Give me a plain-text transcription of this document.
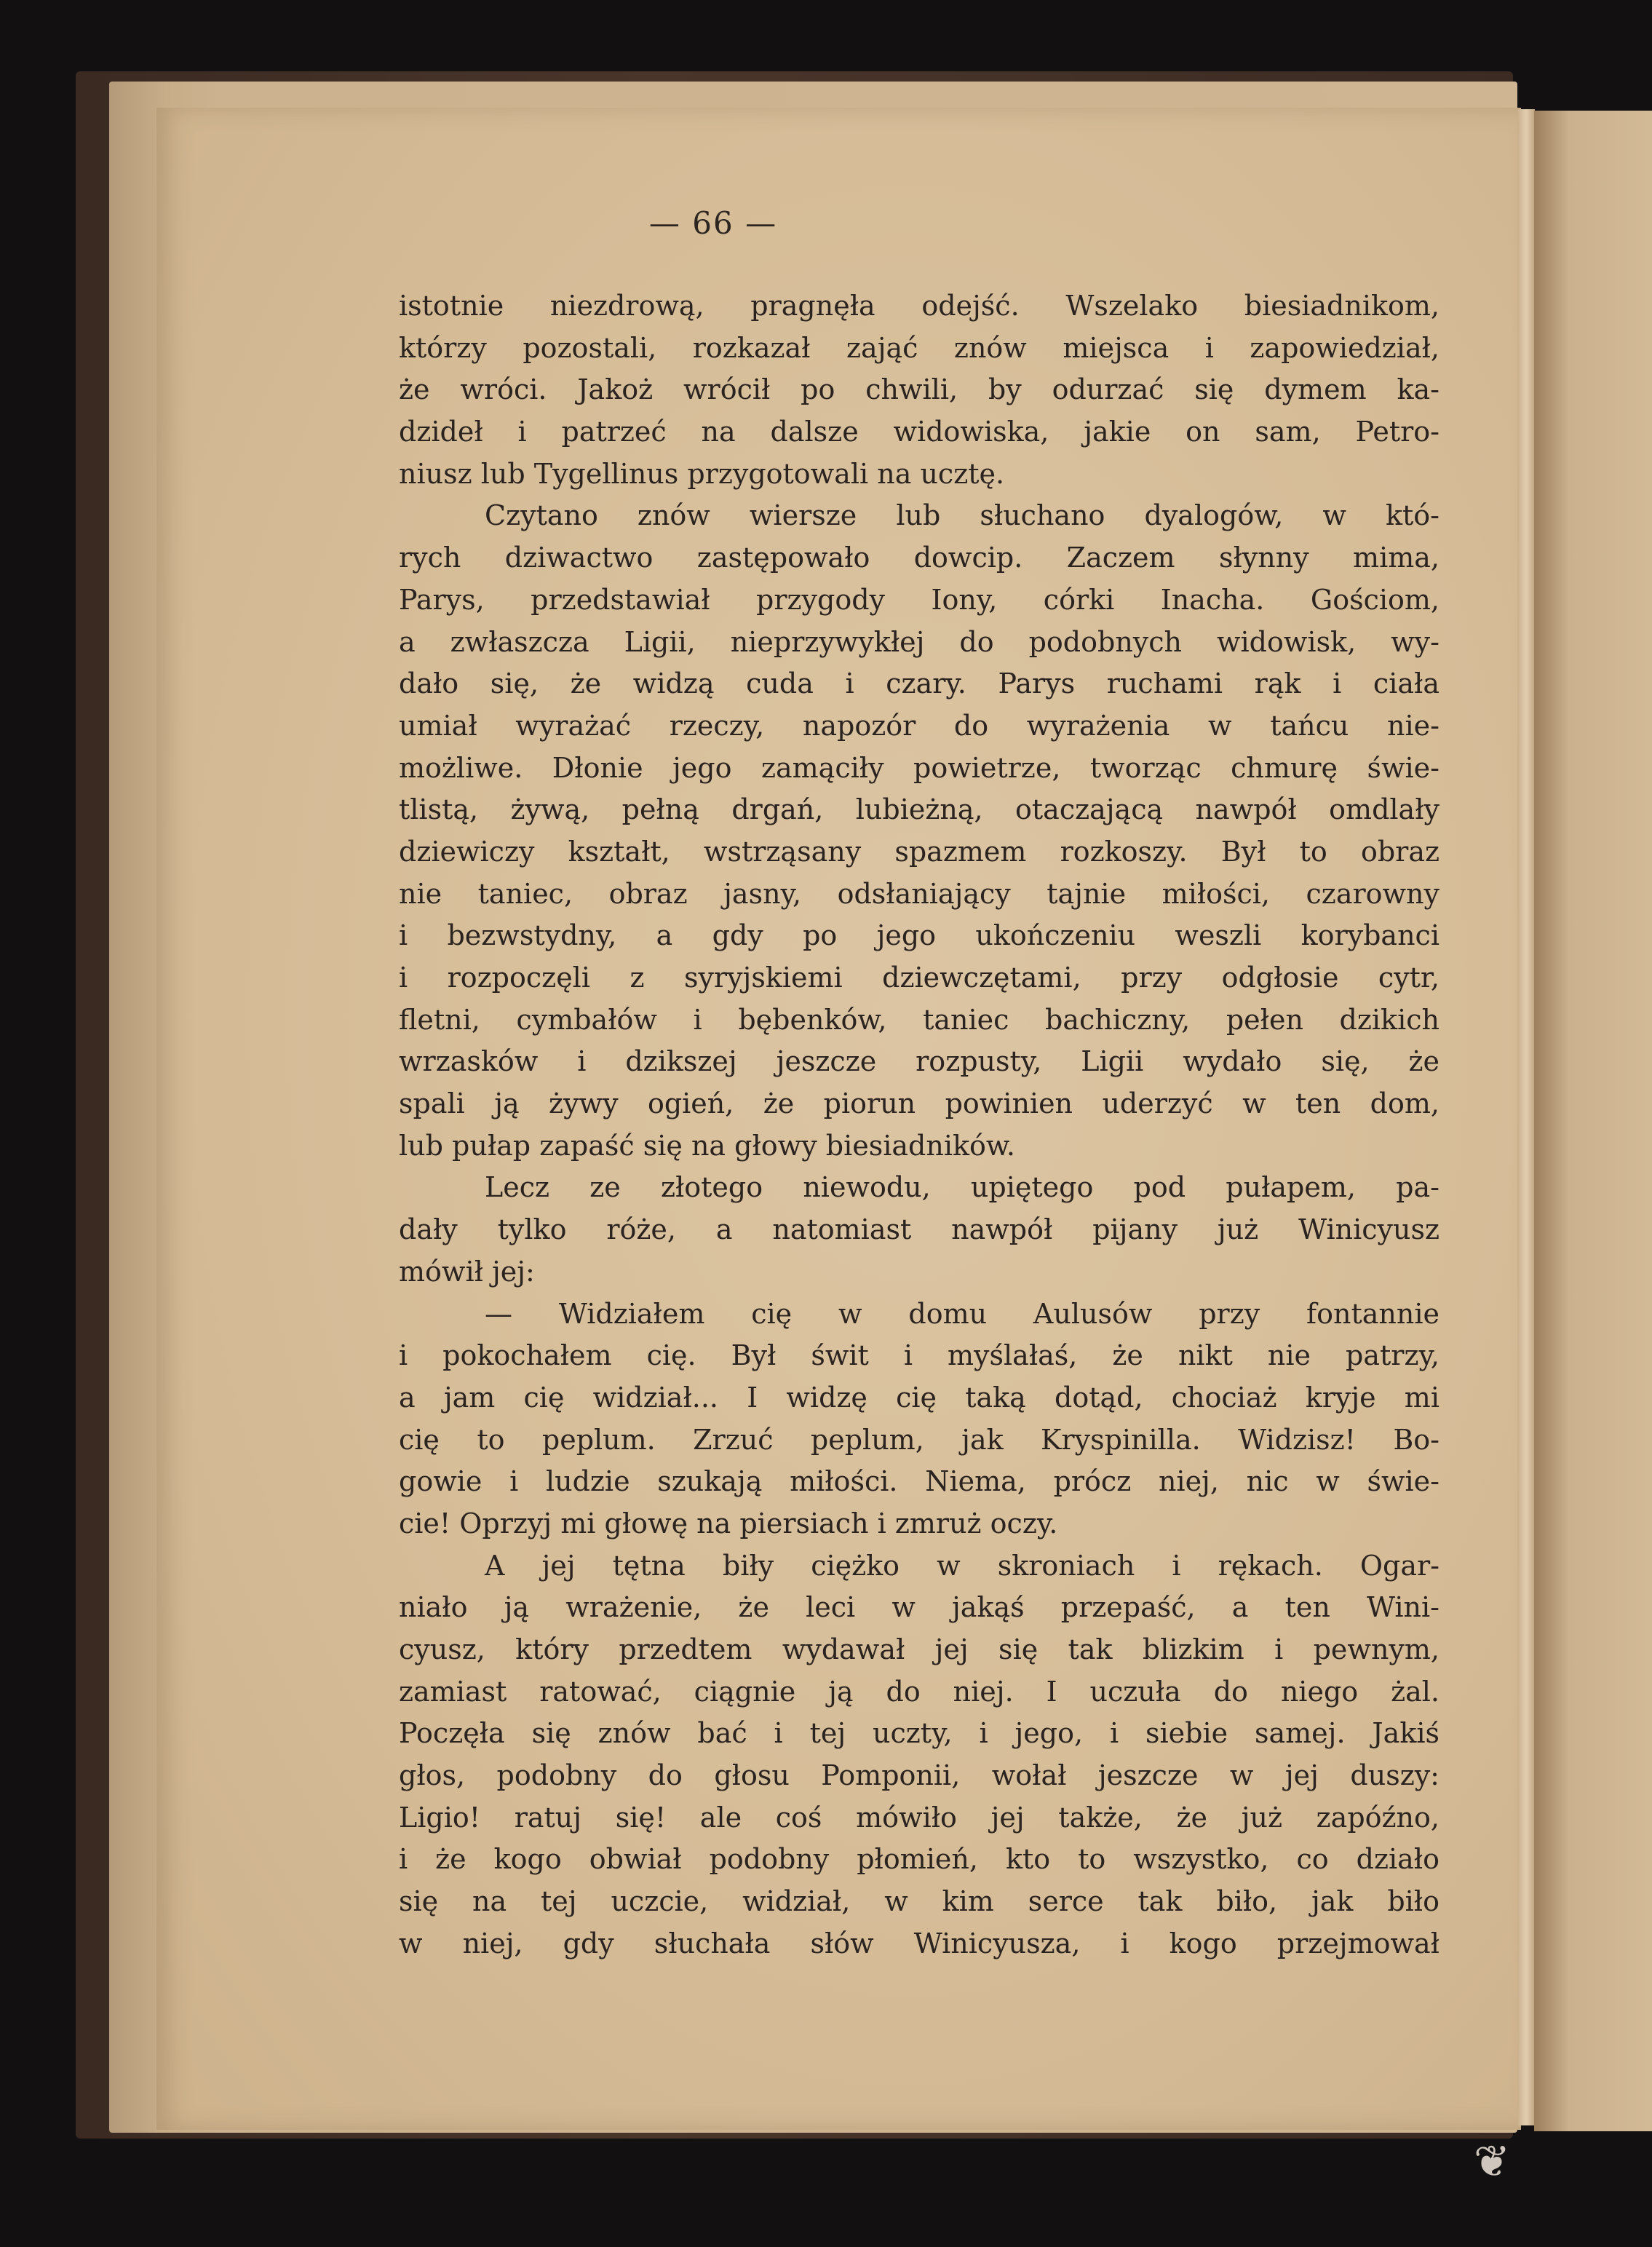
❦
— 66 —
istotnie niezdrową, pragnęła odejść. Wszelako biesiadnikom,
którzy pozostali, rozkazał zająć znów miejsca i zapowiedział,
że wróci. Jakoż wrócił po chwili, by odurzać się dymem ka-
dzideł i patrzeć na dalsze widowiska, jakie on sam, Petro-
niusz lub Tygellinus przygotowali na ucztę.
Czytano znów wiersze lub słuchano dyalogów, w któ-
rych dziwactwo zastępowało dowcip. Zaczem słynny mima,
Parys, przedstawiał przygody Iony, córki Inacha. Gościom,
a zwłaszcza Ligii, nieprzywykłej do podobnych widowisk, wy-
dało się, że widzą cuda i czary. Parys ruchami rąk i ciała
umiał wyrażać rzeczy, napozór do wyrażenia w tańcu nie-
możliwe. Dłonie jego zamąciły powietrze, tworząc chmurę świe-
tlistą, żywą, pełną drgań, lubieżną, otaczającą nawpół omdlały
dziewiczy kształt, wstrząsany spazmem rozkoszy. Był to obraz
nie taniec, obraz jasny, odsłaniający tajnie miłości, czarowny
i bezwstydny, a gdy po jego ukończeniu weszli korybanci
i rozpoczęli z syryjskiemi dziewczętami, przy odgłosie cytr,
fletni, cymbałów i bębenków, taniec bachiczny, pełen dzikich
wrzasków i dzikszej jeszcze rozpusty, Ligii wydało się, że
spali ją żywy ogień, że piorun powinien uderzyć w ten dom,
lub pułap zapaść się na głowy biesiadników.
Lecz ze złotego niewodu, upiętego pod pułapem, pa-
dały tylko róże, a natomiast nawpół pijany już Winicyusz
mówił jej:
— Widziałem cię w domu Aulusów przy fontannie
i pokochałem cię. Był świt i myślałaś, że nikt nie patrzy,
a jam cię widział... I widzę cię taką dotąd, chociaż kryje mi
cię to peplum. Zrzuć peplum, jak Kryspinilla. Widzisz! Bo-
gowie i ludzie szukają miłości. Niema, prócz niej, nic w świe-
cie! Oprzyj mi głowę na piersiach i zmruż oczy.
A jej tętna biły ciężko w skroniach i rękach. Ogar-
niało ją wrażenie, że leci w jakąś przepaść, a ten Wini-
cyusz, który przedtem wydawał jej się tak blizkim i pewnym,
zamiast ratować, ciągnie ją do niej. I uczuła do niego żal.
Poczęła się znów bać i tej uczty, i jego, i siebie samej. Jakiś
głos, podobny do głosu Pomponii, wołał jeszcze w jej duszy:
Ligio! ratuj się! ale coś mówiło jej także, że już zapóźno,
i że kogo obwiał podobny płomień, kto to wszystko, co działo
się na tej uczcie, widział, w kim serce tak biło, jak biło
w niej, gdy słuchała słów Winicyusza, i kogo przejmował
